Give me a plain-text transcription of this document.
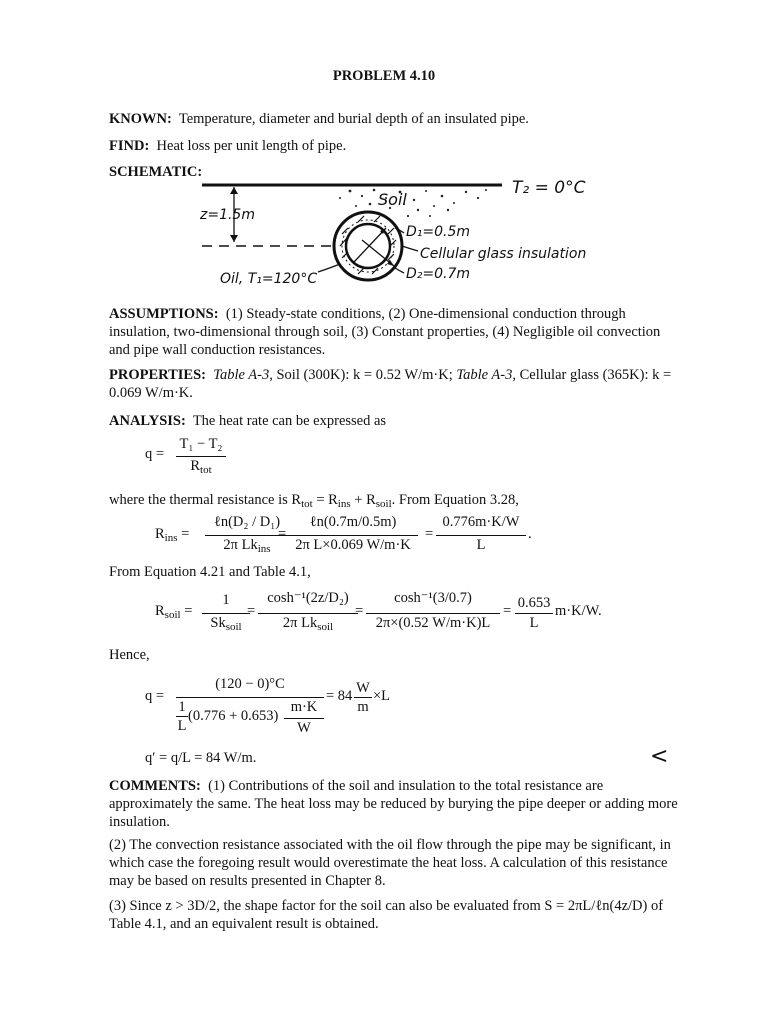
PROBLEM 4.10
KNOWN: Temperature, diameter and burial depth of an insulated pipe.
FIND: Heat loss per unit length of pipe.
SCHEMATIC:
T₂ = 0°C
Soil
z=1.5m
D₁=0.5m
Cellular glass insulation
Oil, T₁=120°C	D₂=0.7m
ASSUMPTIONS: (1) Steady-state conditions, (2) One-dimensional conduction through insulation, two-dimensional through soil, (3) Constant properties, (4) Negligible oil convection and pipe wall conduction resistances.
PROPERTIES: Table A-3, Soil (300K): k = 0.52 W/m·K; Table A-3, Cellular glass (365K): k = 0.069 W/m·K.
ANALYSIS: The heat rate can be expressed as
q =
T₁ − T₂
$R_{tot}$
where the thermal resistance is $R_{tot} = R_{ins} + R_{soil}$. From Equation 3.28,
$R_{ins}$ =
ℓn(D₂ / D₁)
2π $Lk_{ins}$
=
ℓn(0.7m/0.5m)
2π L×0.069 W/m·K
=
0.776m·K/W
L
.
From Equation 4.21 and Table 4.1,
$R_{soil}$ =
1
$Sk_{soil}$
=
cosh⁻¹(2z/D₂)
2π $Lk_{soil}$
=
cosh⁻¹(3/0.7)
2π×(0.52 W/m·K)L
= 0.653
L
m·K/W.
Hence,
q =
(120 − 0)°C
1
L
(0.776 + 0.653)
m·K
W
= 84 W
m
×L
q′ = q/L = 84 W/m.	<
COMMENTS: (1) Contributions of the soil and insulation to the total resistance are approximately the same. The heat loss may be reduced by burying the pipe deeper or adding more insulation.
(2) The convection resistance associated with the oil flow through the pipe may be significant, in which case the foregoing result would overestimate the heat loss. A calculation of this resistance may be based on results presented in Chapter 8.
(3) Since z > 3D/2, the shape factor for the soil can also be evaluated from S = 2πL/ℓn(4z/D) of Table 4.1, and an equivalent result is obtained.
